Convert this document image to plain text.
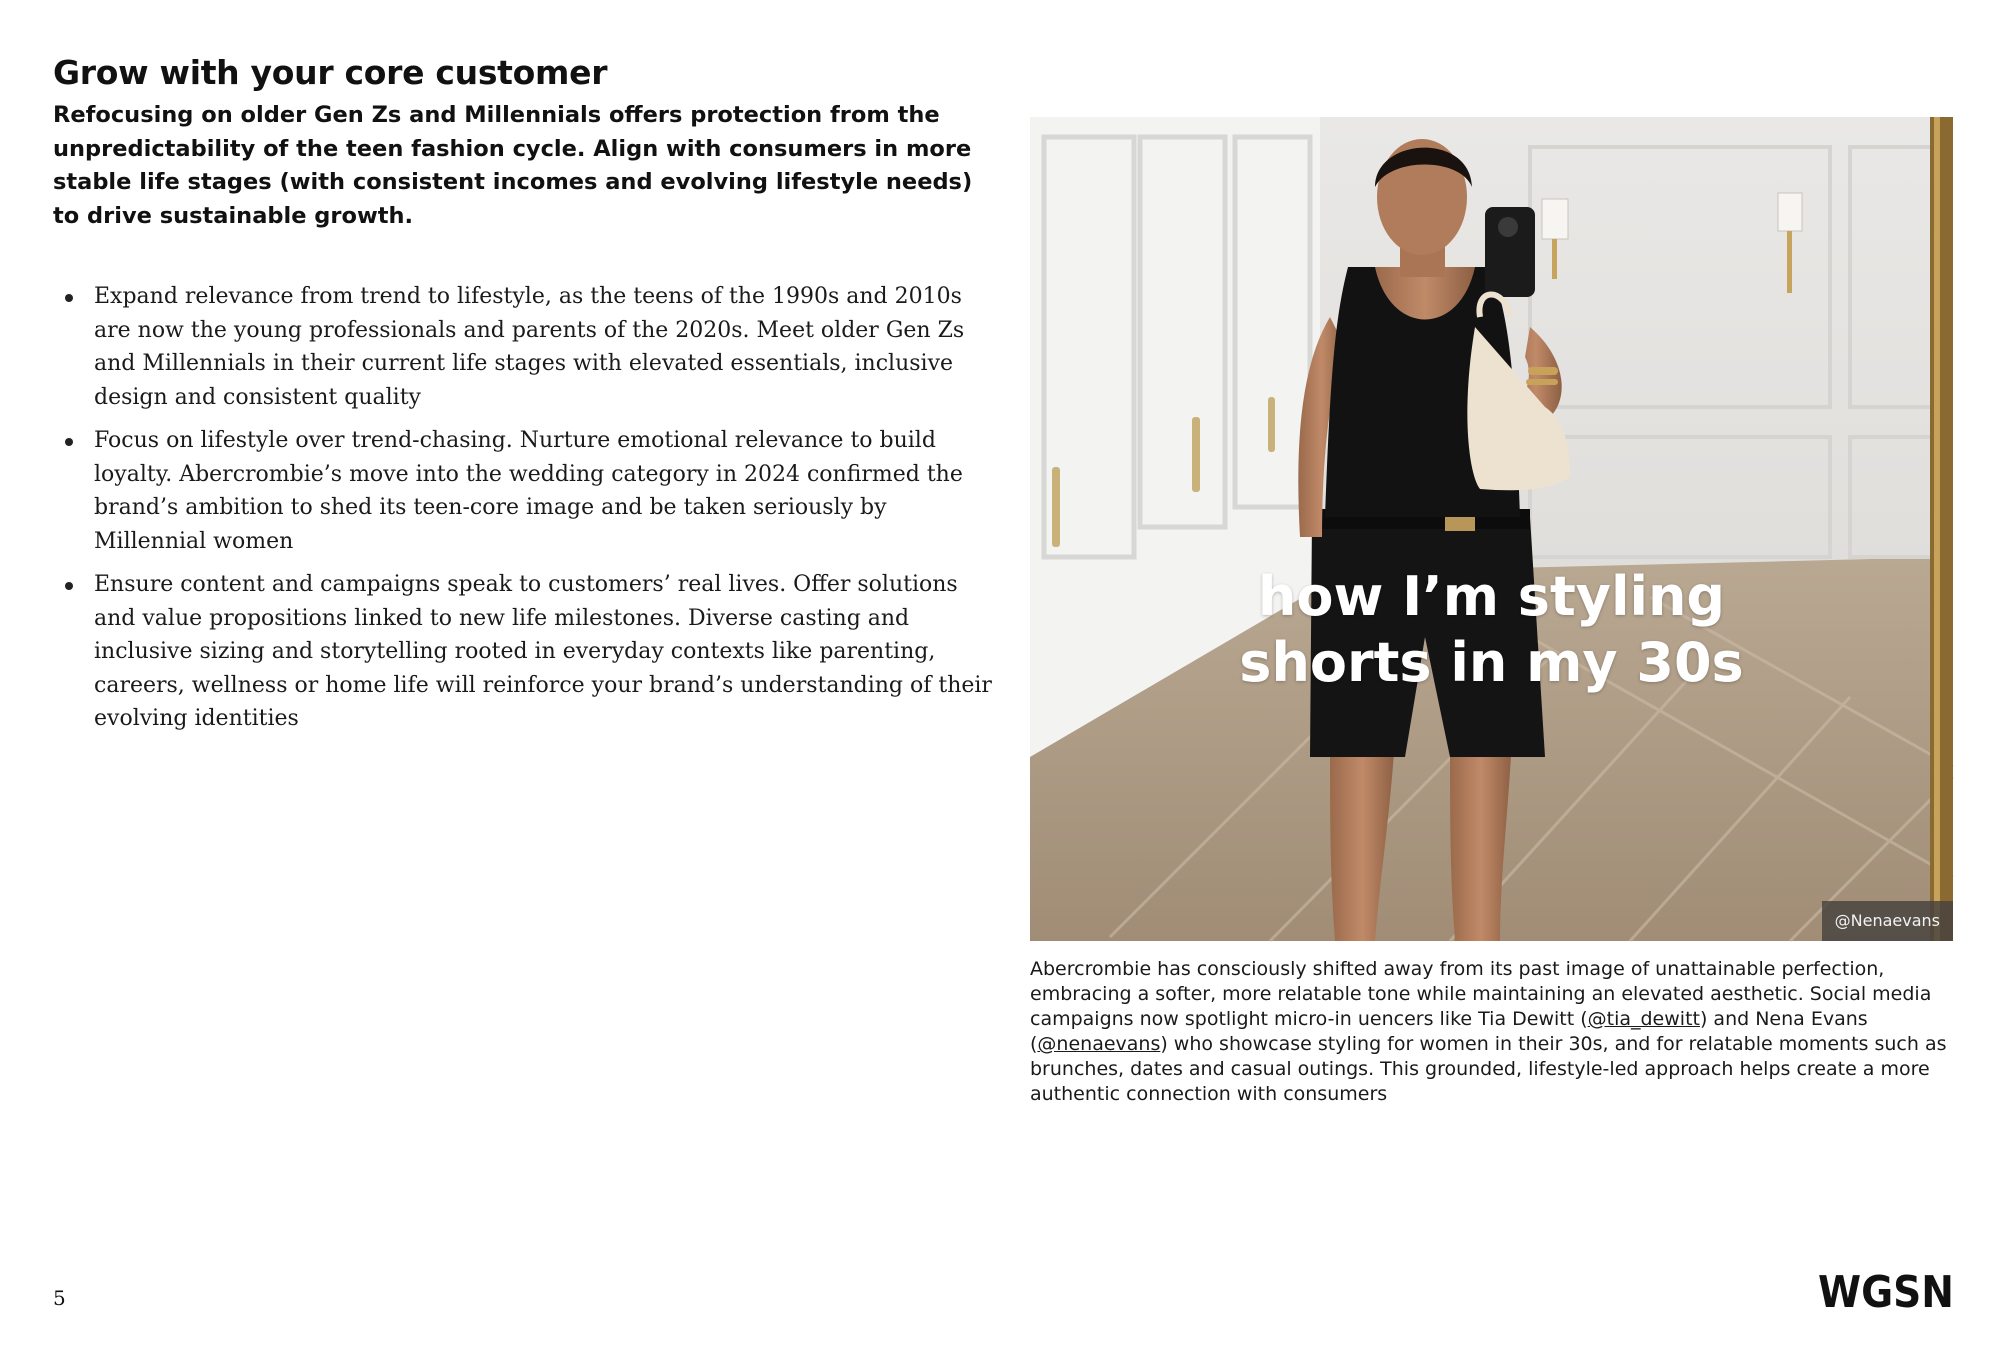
Grow with your core customer

Refocusing on older Gen Zs and Millennials offers protection from the unpredictability of the teen fashion cycle. Align with consumers in more stable life stages (with consistent incomes and evolving lifestyle needs) to drive sustainable growth.

Expand relevance from trend to lifestyle, as the teens of the 1990s and 2010s are now the young professionals and parents of the 2020s. Meet older Gen Zs and Millennials in their current life stages with elevated essentials, inclusive design and consistent quality
Focus on lifestyle over trend-chasing. Nurture emotional relevance to build loyalty. Abercrombie’s move into the wedding category in 2024 confirmed the brand’s ambition to shed its teen-core image and be taken seriously by Millennial women
Ensure content and campaigns speak to customers’ real lives. Offer solutions and value propositions linked to new life milestones. Diverse casting and inclusive sizing and storytelling rooted in everyday contexts like parenting, careers, wellness or home life will reinforce your brand’s understanding of their evolving identities
how I’m styling
shorts in my 30s
@Nenaevans

Abercrombie has consciously shifted away from its past image of unattainable perfection, embracing a softer, more relatable tone while maintaining an elevated aesthetic. Social media campaigns now spotlight micro-in uencers like Tia Dewitt (@tia_dewitt) and Nena Evans (@nenaevans) who showcase styling for women in their 30s, and for relatable moments such as brunches, dates and casual outings. This grounded, lifestyle-led approach helps create a more authentic connection with consumers

5	WGSN
